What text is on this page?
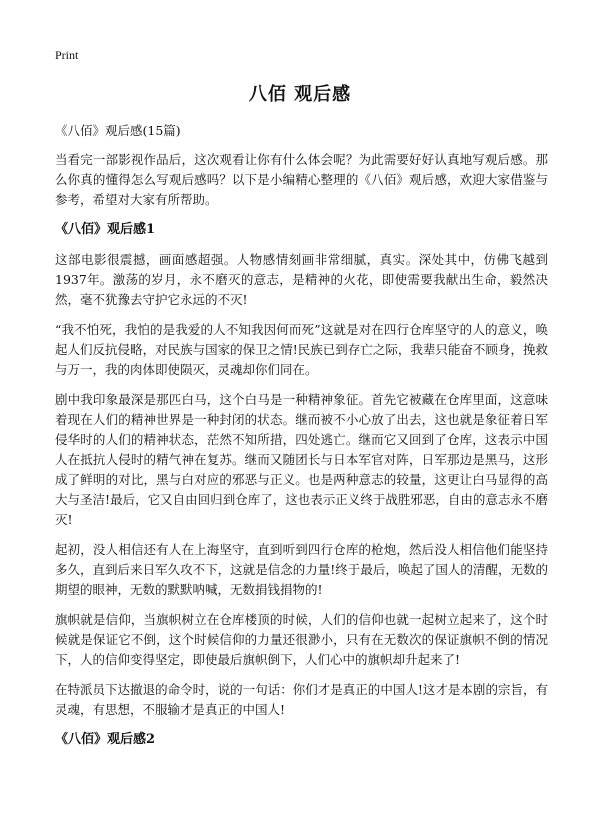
Print
八佰 观后感

《八佰》观后感(15篇)

当看完一部影视作品后，这次观看让你有什么体会呢？为此需要好好认真地写观后感。那么你真的懂得怎么写观后感吗？以下是小编精心整理的《八佰》观后感，欢迎大家借鉴与参考，希望对大家有所帮助。

《八佰》观后感1

这部电影很震撼，画面感超强。人物感情刻画非常细腻，真实。深处其中，仿佛飞越到1937年。激荡的岁月，永不磨灭的意志，是精神的火花，即使需要我献出生命，毅然决然，毫不犹豫去守护它永远的不灭!

“我不怕死，我怕的是我爱的人不知我因何而死”这就是对在四行仓库坚守的人的意义，唤起人们反抗侵略，对民族与国家的保卫之情!民族已到存亡之际，我辈只能奋不顾身，挽救与万一，我的肉体即使陨灭，灵魂却你们同在。

剧中我印象最深是那匹白马，这个白马是一种精神象征。首先它被藏在仓库里面，这意味着现在人们的精神世界是一种封闭的状态。继而被不小心放了出去，这也就是象征着日军侵华时的人们的精神状态，茫然不知所措，四处逃亡。继而它又回到了仓库，这表示中国人在抵抗人侵时的精气神在复苏。继而又随团长与日本军官对阵，日军那边是黑马，这形成了鲜明的对比，黑与白对应的邪恶与正义。也是两种意志的较量，这更让白马显得的高大与圣洁!最后，它又自由回归到仓库了，这也表示正义终于战胜邪恶，自由的意志永不磨灭!

起初，没人相信还有人在上海坚守，直到听到四行仓库的枪炮，然后没人相信他们能坚持多久，直到后来日军久攻不下，这就是信念的力量!终于最后，唤起了国人的清醒，无数的期望的眼神，无数的默默呐喊，无数捐钱捐物的!

旗帜就是信仰，当旗帜树立在仓库楼顶的时候，人们的信仰也就一起树立起来了，这个时候就是保证它不倒，这个时候信仰的力量还很渺小，只有在无数次的保证旗帜不倒的情况下，人的信仰变得坚定，即使最后旗帜倒下，人们心中的旗帜却升起来了!

在特派员下达撤退的命令时，说的一句话：你们才是真正的中国人!这才是本剧的宗旨，有灵魂，有思想，不服输才是真正的中国人!

《八佰》观后感2
